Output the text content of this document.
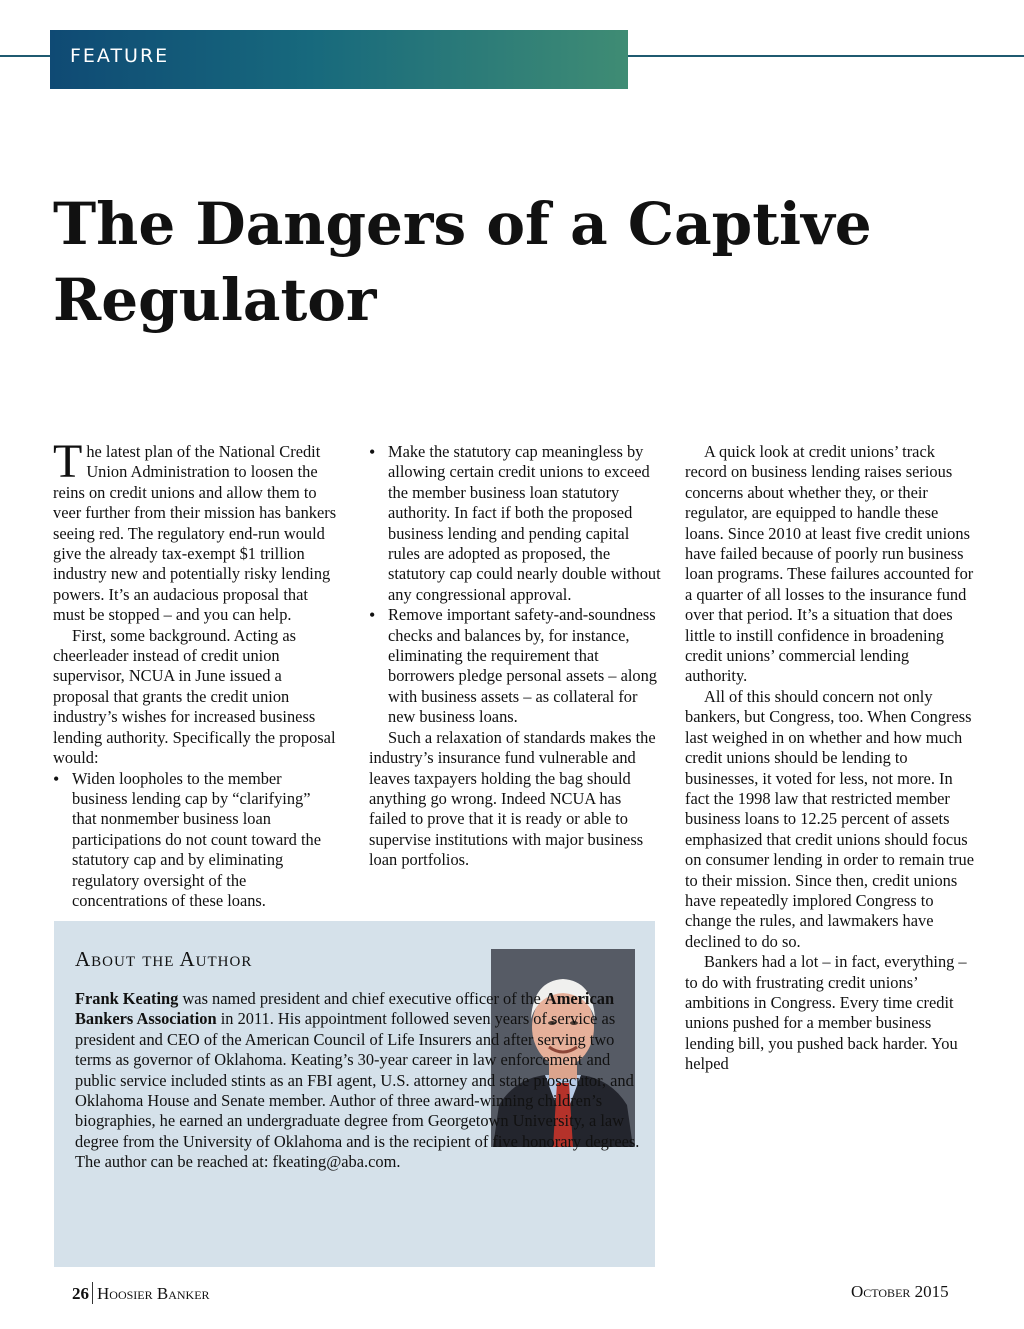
FEATURE
The Dangers of a Captive Regulator

The latest plan of the National Credit Union Administration to loosen the reins on credit unions and allow them to veer further from their mission has bankers seeing red. The regulatory end-run would give the already tax-exempt $1 trillion industry new and potentially risky lending powers. It’s an audacious proposal that must be stopped – and you can help.

First, some background. Acting as cheerleader instead of credit union supervisor, NCUA in June issued a proposal that grants the credit union industry’s wishes for increased business lending authority. Specifically the proposal would:

• Widen loopholes to the member business lending cap by “clarifying” that nonmember business loan participations do not count toward the statutory cap and by eliminating regulatory oversight of the concentrations of these loans.
• Make the statutory cap meaningless by allowing certain credit unions to exceed the member business loan statutory authority. In fact if both the proposed business lending and pending capital rules are adopted as proposed, the statutory cap could nearly double without any congressional approval.
• Remove important safety-and-soundness checks and balances by, for instance, eliminating the requirement that borrowers pledge personal assets – along with business assets – as collateral for new business loans.

Such a relaxation of standards makes the industry’s insurance fund vulnerable and leaves taxpayers holding the bag should anything go wrong. Indeed NCUA has failed to prove that it is ready or able to supervise institutions with major business loan portfolios.

A quick look at credit unions’ track record on business lending raises serious concerns about whether they, or their regulator, are equipped to handle these loans. Since 2010 at least five credit unions have failed because of poorly run business loan programs. These failures accounted for a quarter of all losses to the insurance fund over that period. It’s a situation that does little to instill confidence in broadening credit unions’ commercial lending authority.

All of this should concern not only bankers, but Congress, too. When Congress last weighed in on whether and how much credit unions should be lending to businesses, it voted for less, not more. In fact the 1998 law that restricted member business loans to 12.25 percent of assets emphasized that credit unions should focus on consumer lending in order to remain true to their mission. Since then, credit unions have repeatedly implored Congress to change the rules, and lawmakers have declined to do so.

Bankers had a lot – in fact, everything – to do with frustrating credit unions’ ambitions in Congress. Every time credit unions pushed for a member business lending bill, you pushed back harder. You helped

About the Author

Frank Keating was named president and chief executive officer of the American Bankers Association in 2011. His appointment followed seven years of service as president and CEO of the American Council of Life Insurers and after serving two terms as governor of Oklahoma. Keating’s 30-year career in law enforcement and public service included stints as an FBI agent, U.S. attorney and state prosecutor, and Oklahoma House and Senate member. Author of three award-winning children’s biographies, he earned an undergraduate degree from Georgetown University, a law degree from the University of Oklahoma and is the recipient of five honorary degrees. The author can be reached at: fkeating@aba.com.

26 Hoosier Banker	October 2015
